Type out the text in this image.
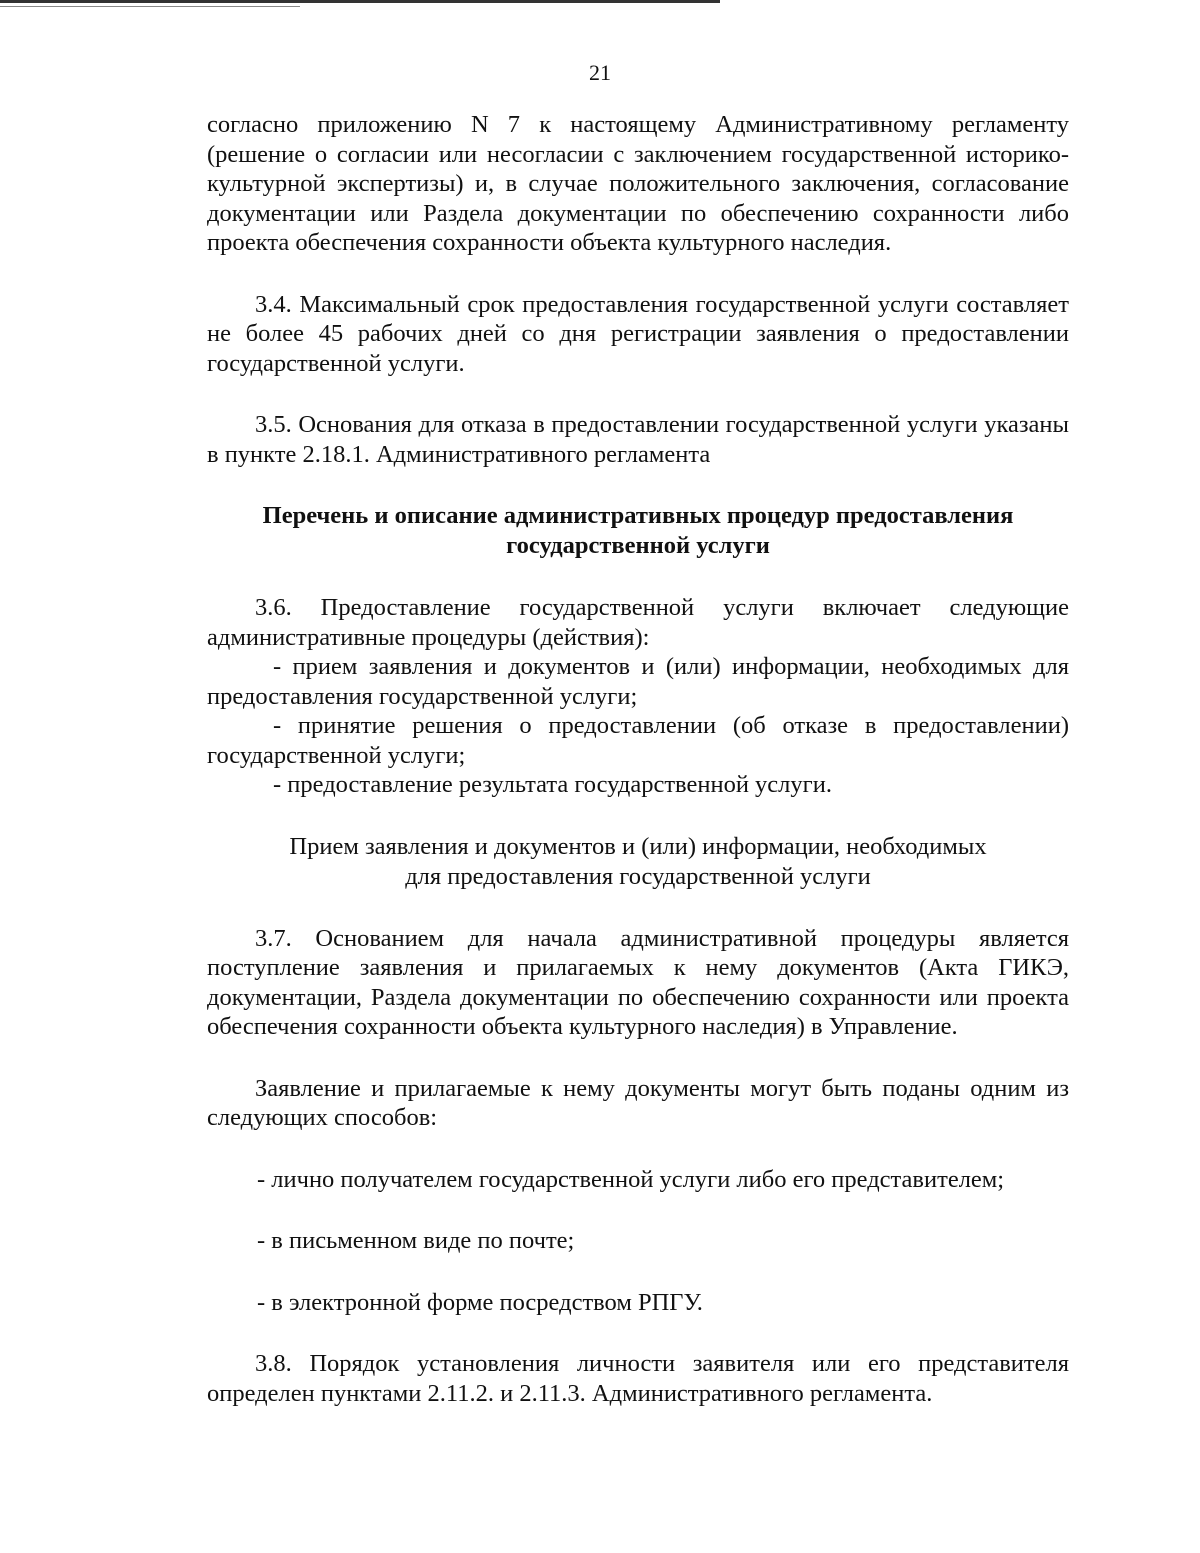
21

согласно приложению N 7 к настоящему Административному регламенту (решение о согласии или несогласии с заключением государственной историко-культурной экспертизы) и, в случае положительного заключения, согласование документации или Раздела документации по обеспечению сохранности либо проекта обеспечения сохранности объекта культурного наследия.

3.4. Максимальный срок предоставления государственной услуги составляет не более 45 рабочих дней со дня регистрации заявления о предоставлении государственной услуги.

3.5. Основания для отказа в предоставлении государственной услуги указаны в пункте 2.18.1. Административного регламента

Перечень и описание административных процедур предоставления государственной услуги

3.6. Предоставление государственной услуги включает следующие административные процедуры (действия):

- прием заявления и документов и (или) информации, необходимых для предоставления государственной услуги;

- принятие решения о предоставлении (об отказе в предоставлении) государственной услуги;

- предоставление результата государственной услуги.

Прием заявления и документов и (или) информации, необходимых

для предоставления государственной услуги

3.7. Основанием для начала административной процедуры является поступление заявления и прилагаемых к нему документов (Акта ГИКЭ, документации, Раздела документации по обеспечению сохранности или проекта обеспечения сохранности объекта культурного наследия) в Управление.

Заявление и прилагаемые к нему документы могут быть поданы одним из следующих способов:

- лично получателем государственной услуги либо его представителем;

- в письменном виде по почте;

- в электронной форме посредством РПГУ.

3.8. Порядок установления личности заявителя или его представителя определен пунктами 2.11.2. и 2.11.3. Административного регламента.
